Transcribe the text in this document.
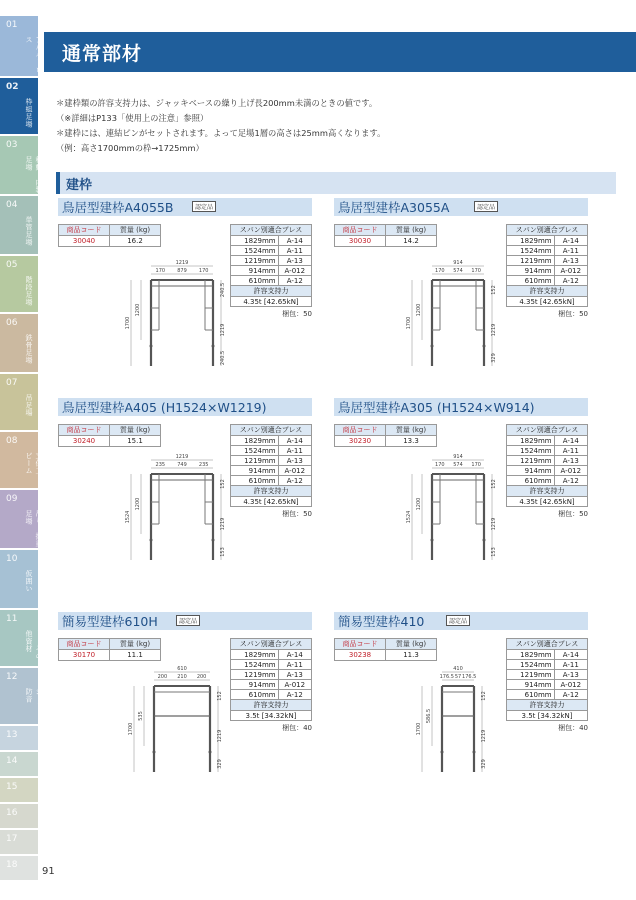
01
アルバトロス
02
枠組足場
03
移動・内装足場
04
単管足場
05
階段足場
06
鉄骨足場
07
吊足場
08
支保工・ビーム
09
吊り・揚重足場
10
仮囲い
11
パレット・その他資材
12
ネット・シート・防音
13
14
15
16
17
18
91
通常部材
＊建枠類の許容支持力は、ジャッキベースの繰り上げ長200mm未満のときの値です。
（※詳細はP133「使用上の注意」参照）
＊建枠には、連結ピンがセットされます。よって足場1層の高さは25mm高くなります。
（例：高さ1700mmの枠→1725mm）
建枠
鳥居型建枠A4055B	認定品
商品コード	質量 (kg)
30040	16.2
スパン別適合ブレス	
1829mm	A-14
1524mm	A-11
1219mm	A-13
914mm	A-012
610mm	A-12
許容支持力	
4.35t [42.65kN]	
梱包：50
1219
170 879 170
1700
1200
240.5
1219
240.5
鳥居型建枠A3055A	認定品
商品コード	質量 (kg)
30030	14.2
スパン別適合ブレス	
1829mm	A-14
1524mm	A-11
1219mm	A-13
914mm	A-012
610mm	A-12
許容支持力	
4.35t [42.65kN]	
梱包：50
914
170 574 170
1700
1200
152
1219
329
鳥居型建枠A405 (H1524×W1219)
商品コード	質量 (kg)
30240	15.1
スパン別適合ブレス	
1829mm	A-14
1524mm	A-11
1219mm	A-13
914mm	A-012
610mm	A-12
許容支持力	
4.35t [42.65kN]	
梱包：50
1219
235 749 235
1524
1200
152
1219
153
鳥居型建枠A305 (H1524×W914)
商品コード	質量 (kg)
30230	13.3
スパン別適合ブレス	
1829mm	A-14
1524mm	A-11
1219mm	A-13
914mm	A-012
610mm	A-12
許容支持力	
4.35t [42.65kN]	
梱包：50
914
170 574 170
1524
1200
152
1219
153
簡易型建枠610H	認定品
商品コード	質量 (kg)
30170	11.1
スパン別適合ブレス	
1829mm	A-14
1524mm	A-11
1219mm	A-13
914mm	A-012
610mm	A-12
許容支持力	
3.5t [34.32kN]	
梱包：40
610
200 210 200
1700
535
152
1219
329
簡易型建枠410	認定品
商品コード	質量 (kg)
30238	11.3
スパン別適合ブレス	
1829mm	A-14
1524mm	A-11
1219mm	A-13
914mm	A-012
610mm	A-12
許容支持力	
3.5t [34.32kN]	
梱包：40
410
176.5 57 176.5
1700
586.5
152
1219
329
